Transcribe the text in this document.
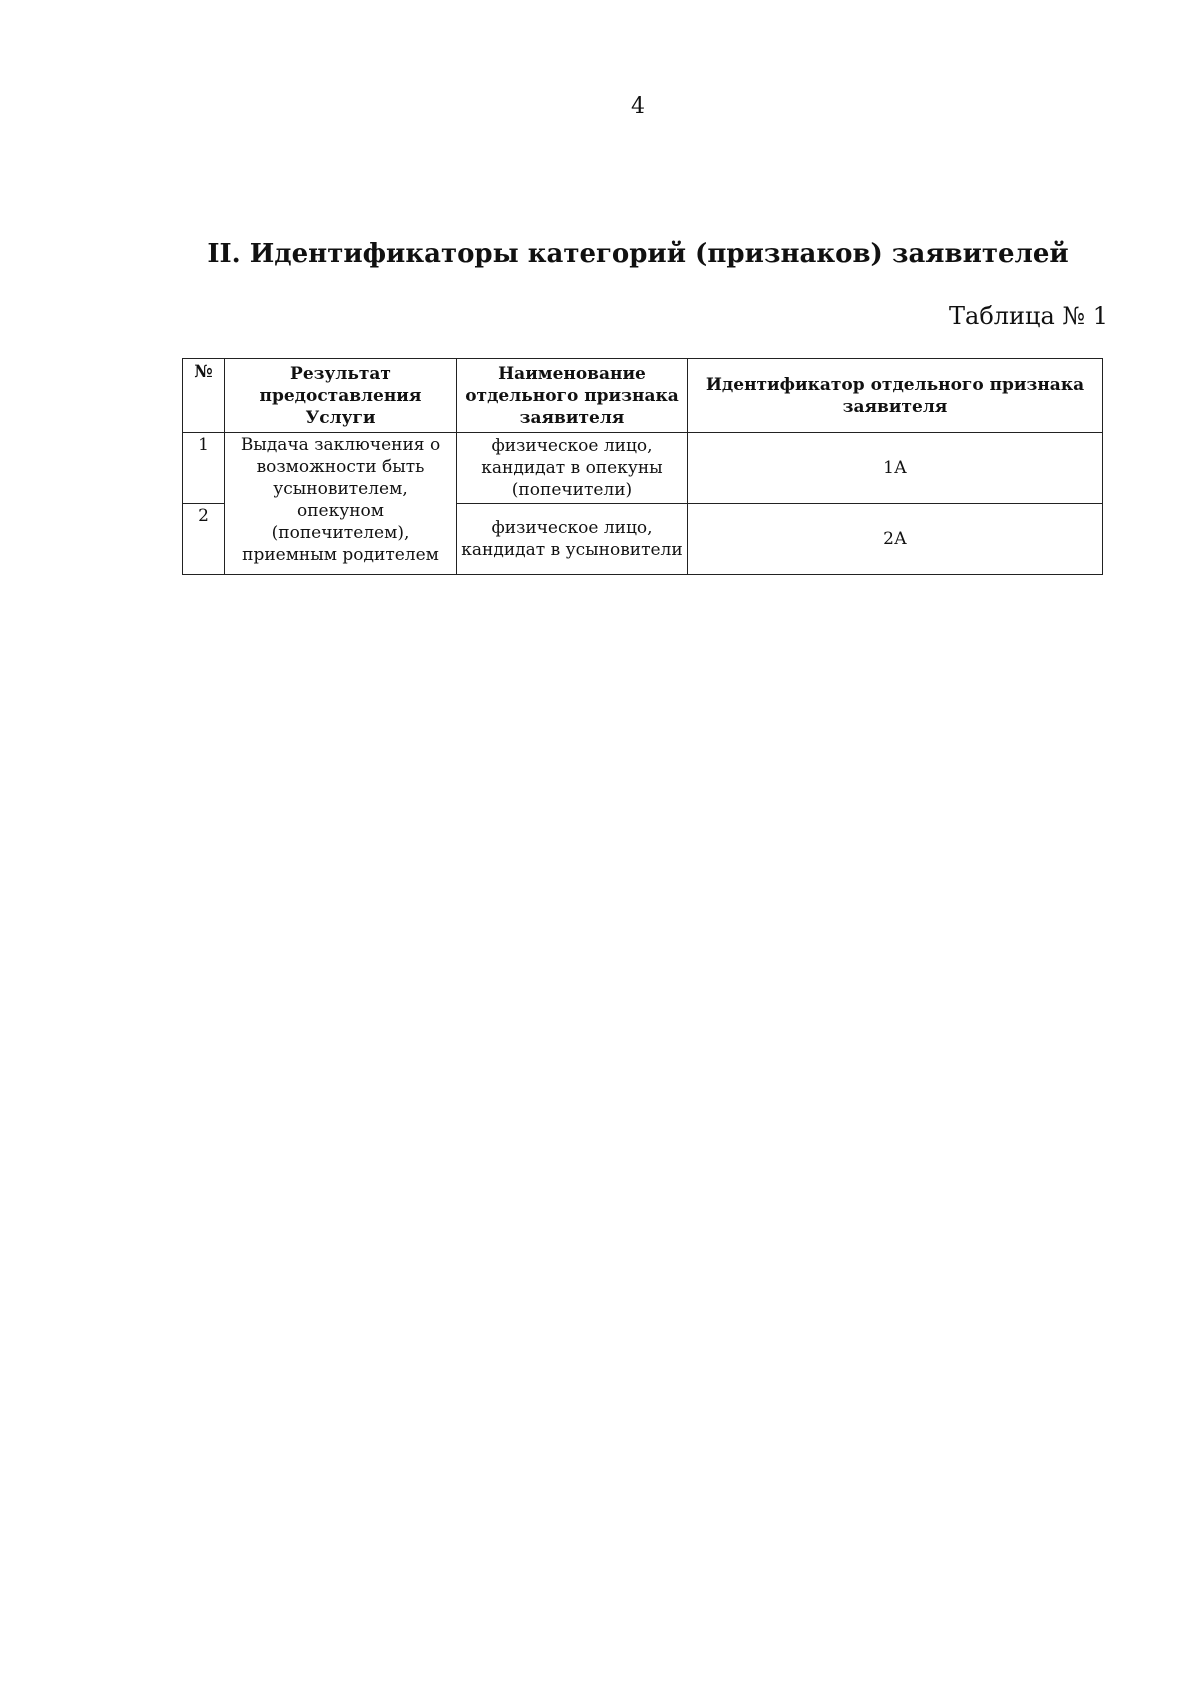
4
II. Идентификаторы категорий (признаков) заявителей
Таблица № 1
№	Результат предоставления Услуги	Наименование отдельного признака заявителя	Идентификатор отдельного признака заявителя
1	Выдача заключения о возможности быть усыновителем, опекуном (попечителем), приемным родителем	физическое лицо, кандидат в опекуны (попечители)	1А
2		физическое лицо, кандидат в усыновители	2А
